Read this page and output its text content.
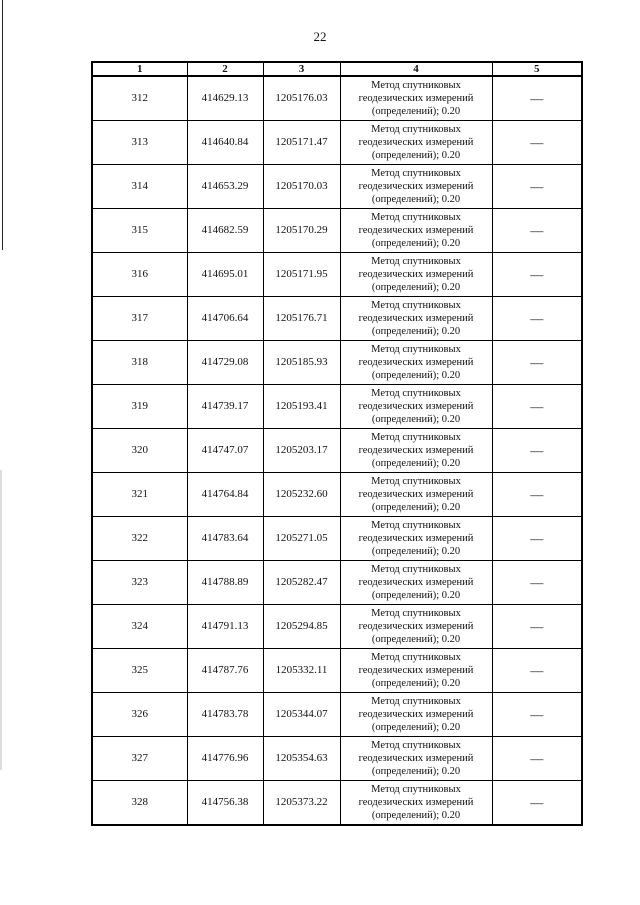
22
1	2	3	4	5
312	414629.13	1205176.03	Метод спутниковых геодезических измерений (определений); 0.20	—
313	414640.84	1205171.47	Метод спутниковых геодезических измерений (определений); 0.20	—
314	414653.29	1205170.03	Метод спутниковых геодезических измерений (определений); 0.20	—
315	414682.59	1205170.29	Метод спутниковых геодезических измерений (определений); 0.20	—
316	414695.01	1205171.95	Метод спутниковых геодезических измерений (определений); 0.20	—
317	414706.64	1205176.71	Метод спутниковых геодезических измерений (определений); 0.20	—
318	414729.08	1205185.93	Метод спутниковых геодезических измерений (определений); 0.20	—
319	414739.17	1205193.41	Метод спутниковых геодезических измерений (определений); 0.20	—
320	414747.07	1205203.17	Метод спутниковых геодезических измерений (определений); 0.20	—
321	414764.84	1205232.60	Метод спутниковых геодезических измерений (определений); 0.20	—
322	414783.64	1205271.05	Метод спутниковых геодезических измерений (определений); 0.20	—
323	414788.89	1205282.47	Метод спутниковых геодезических измерений (определений); 0.20	—
324	414791.13	1205294.85	Метод спутниковых геодезических измерений (определений); 0.20	—
325	414787.76	1205332.11	Метод спутниковых геодезических измерений (определений); 0.20	—
326	414783.78	1205344.07	Метод спутниковых геодезических измерений (определений); 0.20	—
327	414776.96	1205354.63	Метод спутниковых геодезических измерений (определений); 0.20	—
328	414756.38	1205373.22	Метод спутниковых геодезических измерений (определений); 0.20	—
